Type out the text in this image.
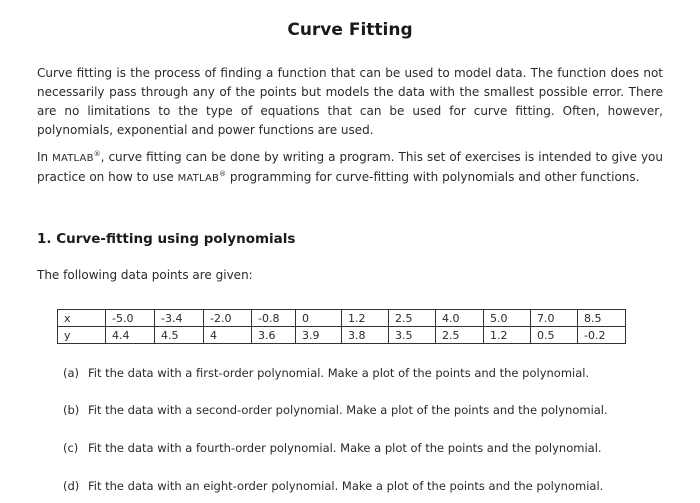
Curve Fitting

Curve fitting is the process of finding a function that can be used to model data. The function does not necessarily pass through any of the points but models the data with the smallest possible error. There are no limitations to the type of equations that can be used for curve fitting. Often, however, polynomials, exponential and power functions are used.

In MATLAB®, curve fitting can be done by writing a program. This set of exercises is intended to give you practice on how to use MATLAB® programming for curve-fitting with polynomials and other functions.

1. Curve-fitting using polynomials
The following data points are given:
x	-5.0	-3.4	-2.0	-0.8	0	1.2	2.5	4.0	5.0	7.0	8.5
y	4.4	4.5	4	3.6	3.9	3.8	3.5	2.5	1.2	0.5	-0.2
(a) Fit the data with a first-order polynomial. Make a plot of the points and the polynomial.
(b) Fit the data with a second-order polynomial. Make a plot of the points and the polynomial.
(c) Fit the data with a fourth-order polynomial. Make a plot of the points and the polynomial.
(d) Fit the data with an eight-order polynomial. Make a plot of the points and the polynomial.
